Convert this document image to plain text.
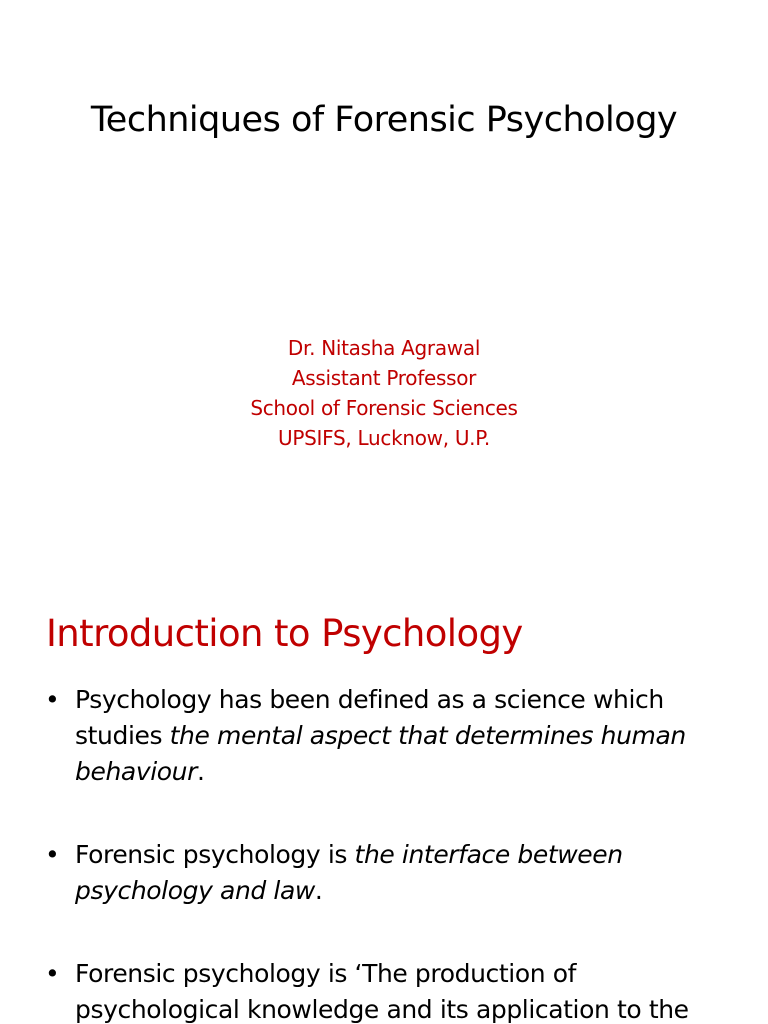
Techniques of Forensic Psychology
Dr. Nitasha Agrawal
Assistant Professor
School of Forensic Sciences
UPSIFS, Lucknow, U.P.
Introduction to Psychology
• Psychology has been defined as a science which studies the mental aspect that determines human behaviour.
• Forensic psychology is the interface between psychology and law.
• Forensic psychology is ‘The production of psychological knowledge and its application to the
